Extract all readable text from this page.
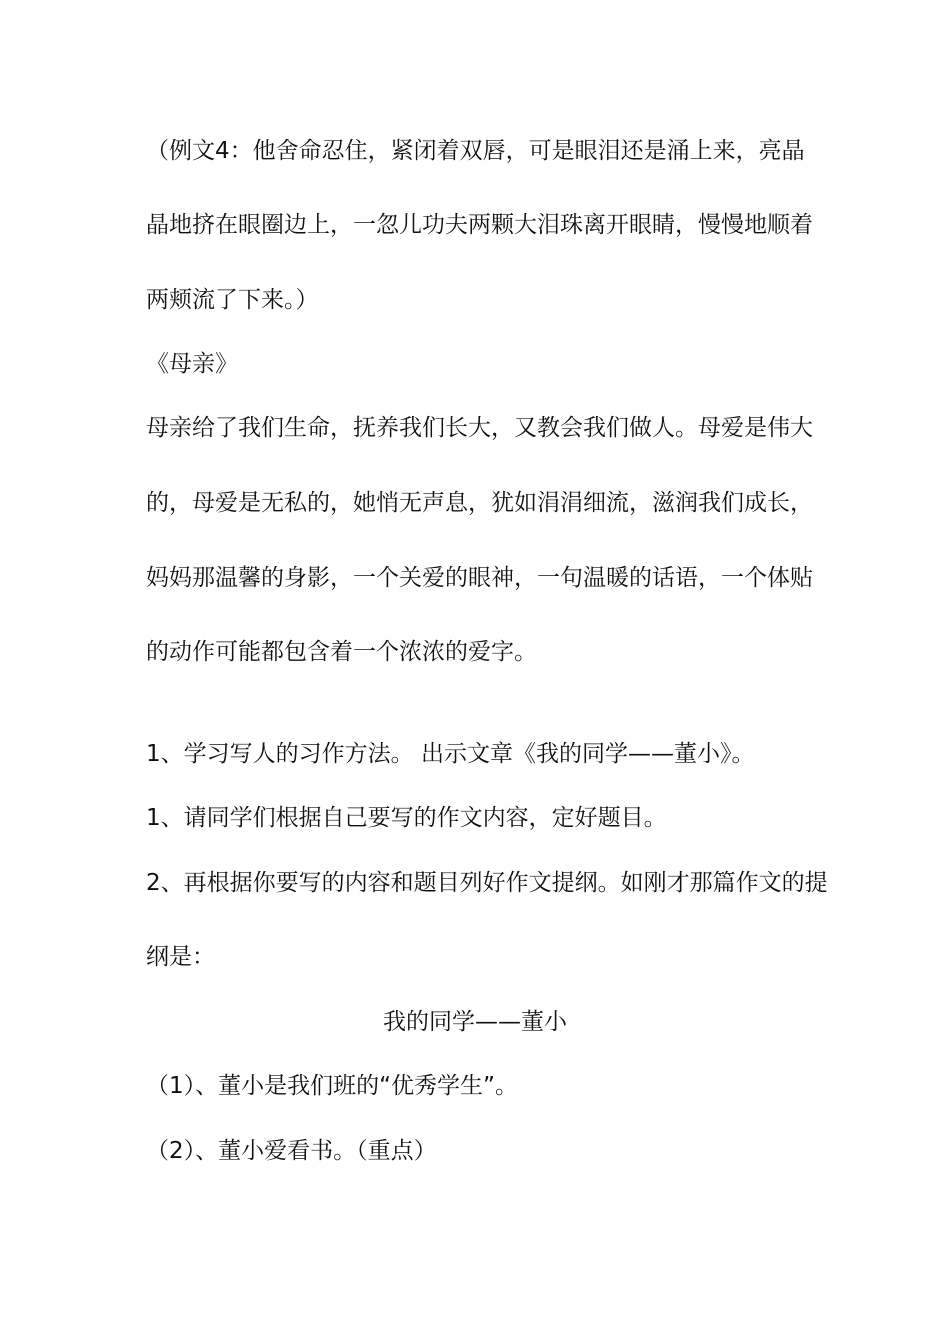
（例文4：他舍命忍住，紧闭着双唇，可是眼泪还是涌上来，亮晶
晶地挤在眼圈边上，一忽儿功夫两颗大泪珠离开眼睛，慢慢地顺着
两颊流了下来。）
《母亲》
母亲给了我们生命，抚养我们长大，又教会我们做人。母爱是伟大
的，母爱是无私的，她悄无声息，犹如涓涓细流，滋润我们成长，
妈妈那温馨的身影，一个关爱的眼神，一句温暖的话语，一个体贴
的动作可能都包含着一个浓浓的爱字。
1、学习写人的习作方法。 出示文章《我的同学——董小》。
1、请同学们根据自己要写的作文内容，定好题目。
2、再根据你要写的内容和题目列好作文提纲。如刚才那篇作文的提
纲是：
我的同学——董小
（1）、董小是我们班的“优秀学生”。
（2）、董小爱看书。（重点）
